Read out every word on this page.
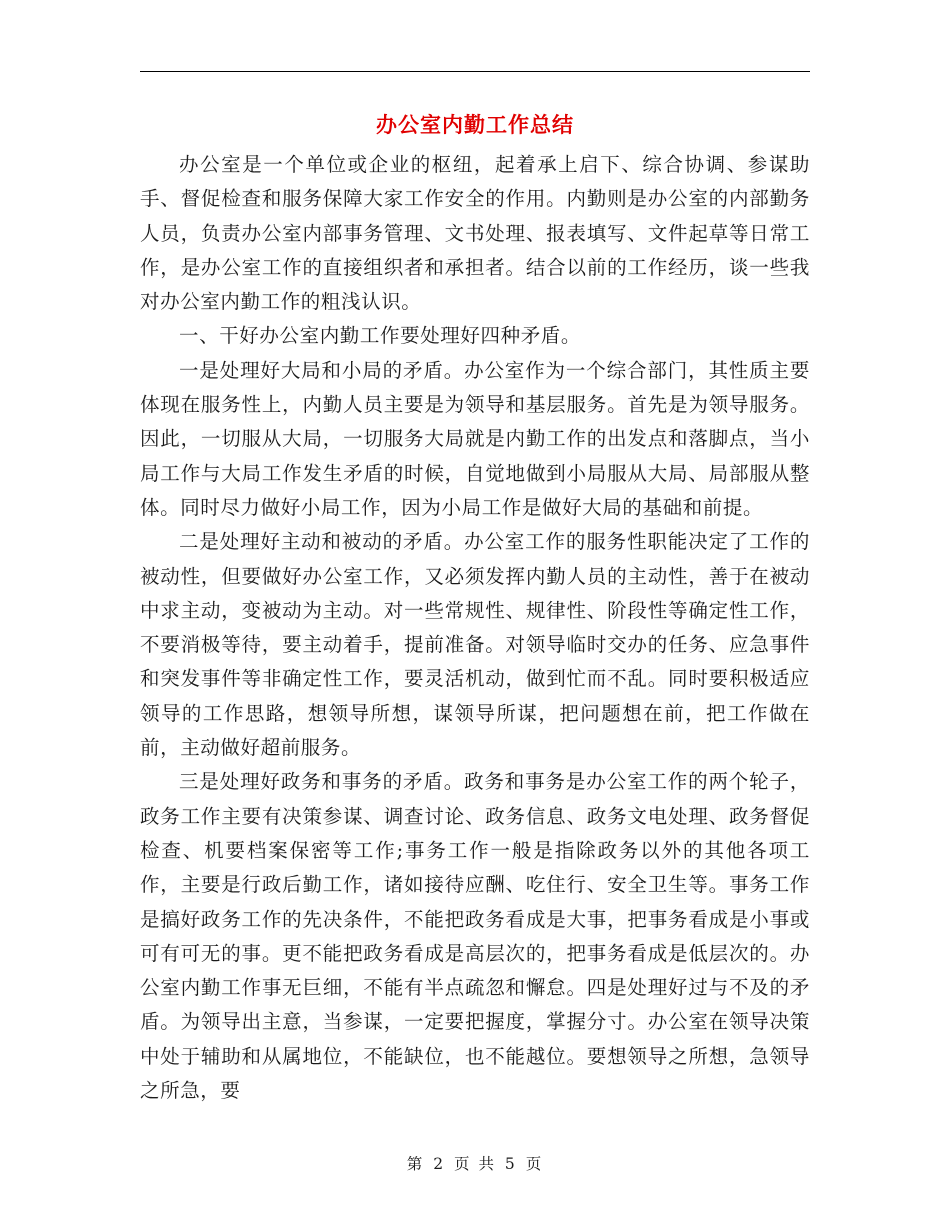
办公室内勤工作总结

办公室是一个单位或企业的枢纽，起着承上启下、综合协调、参谋助手、督促检查和服务保障大家工作安全的作用。内勤则是办公室的内部勤务人员，负责办公室内部事务管理、文书处理、报表填写、文件起草等日常工作，是办公室工作的直接组织者和承担者。结合以前的工作经历，谈一些我对办公室内勤工作的粗浅认识。

一、干好办公室内勤工作要处理好四种矛盾。

一是处理好大局和小局的矛盾。办公室作为一个综合部门，其性质主要体现在服务性上，内勤人员主要是为领导和基层服务。首先是为领导服务。因此，一切服从大局，一切服务大局就是内勤工作的出发点和落脚点，当小局工作与大局工作发生矛盾的时候，自觉地做到小局服从大局、局部服从整体。同时尽力做好小局工作，因为小局工作是做好大局的基础和前提。

二是处理好主动和被动的矛盾。办公室工作的服务性职能决定了工作的被动性，但要做好办公室工作，又必须发挥内勤人员的主动性，善于在被动中求主动，变被动为主动。对一些常规性、规律性、阶段性等确定性工作，不要消极等待，要主动着手，提前准备。对领导临时交办的任务、应急事件和突发事件等非确定性工作，要灵活机动，做到忙而不乱。同时要积极适应领导的工作思路，想领导所想，谋领导所谋，把问题想在前，把工作做在前，主动做好超前服务。

三是处理好政务和事务的矛盾。政务和事务是办公室工作的两个轮子，政务工作主要有决策参谋、调查讨论、政务信息、政务文电处理、政务督促检查、机要档案保密等工作;事务工作一般是指除政务以外的其他各项工作，主要是行政后勤工作，诸如接待应酬、吃住行、安全卫生等。事务工作是搞好政务工作的先决条件，不能把政务看成是大事，把事务看成是小事或可有可无的事。更不能把政务看成是高层次的，把事务看成是低层次的。办公室内勤工作事无巨细，不能有半点疏忽和懈怠。四是处理好过与不及的矛盾。为领导出主意，当参谋，一定要把握度，掌握分寸。办公室在领导决策中处于辅助和从属地位，不能缺位，也不能越位。要想领导之所想，急领导之所急，要

第 2 页 共 5 页
